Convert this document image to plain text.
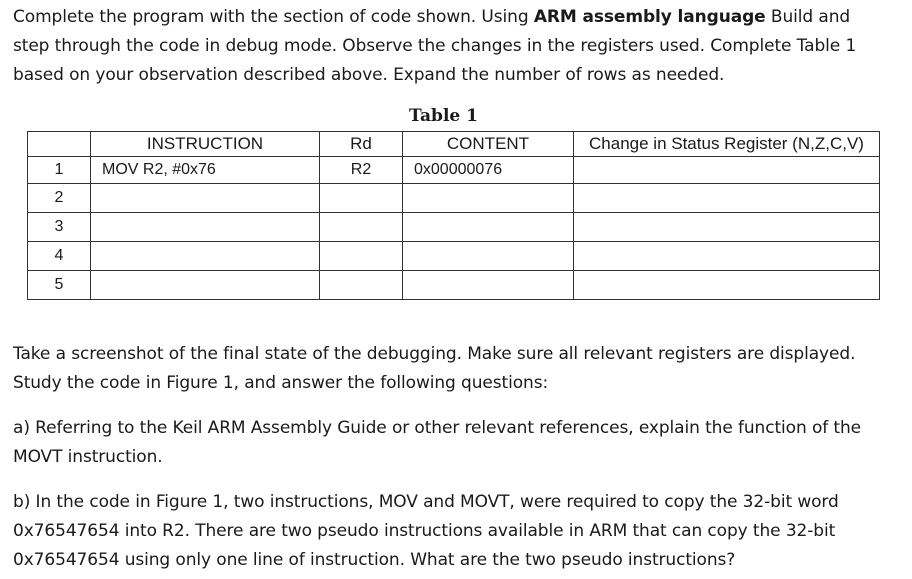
Complete the program with the section of code shown. Using ARM assembly language Build and
step through the code in debug mode. Observe the changes in the registers used. Complete Table 1
based on your observation described above. Expand the number of rows as needed.

Table 1
	INSTRUCTION	Rd	CONTENT	Change in Status Register (N,Z,C,V)
1	MOV R2, #0x76	R2	0x00000076	
2				
3				
4				
5				

Take a screenshot of the final state of the debugging. Make sure all relevant registers are displayed.
Study the code in Figure 1, and answer the following questions:

a) Referring to the Keil ARM Assembly Guide or other relevant references, explain the function of the
MOVT instruction.

b) In the code in Figure 1, two instructions, MOV and MOVT, were required to copy the 32-bit word
0x76547654 into R2. There are two pseudo instructions available in ARM that can copy the 32-bit
0x76547654 using only one line of instruction. What are the two pseudo instructions?
